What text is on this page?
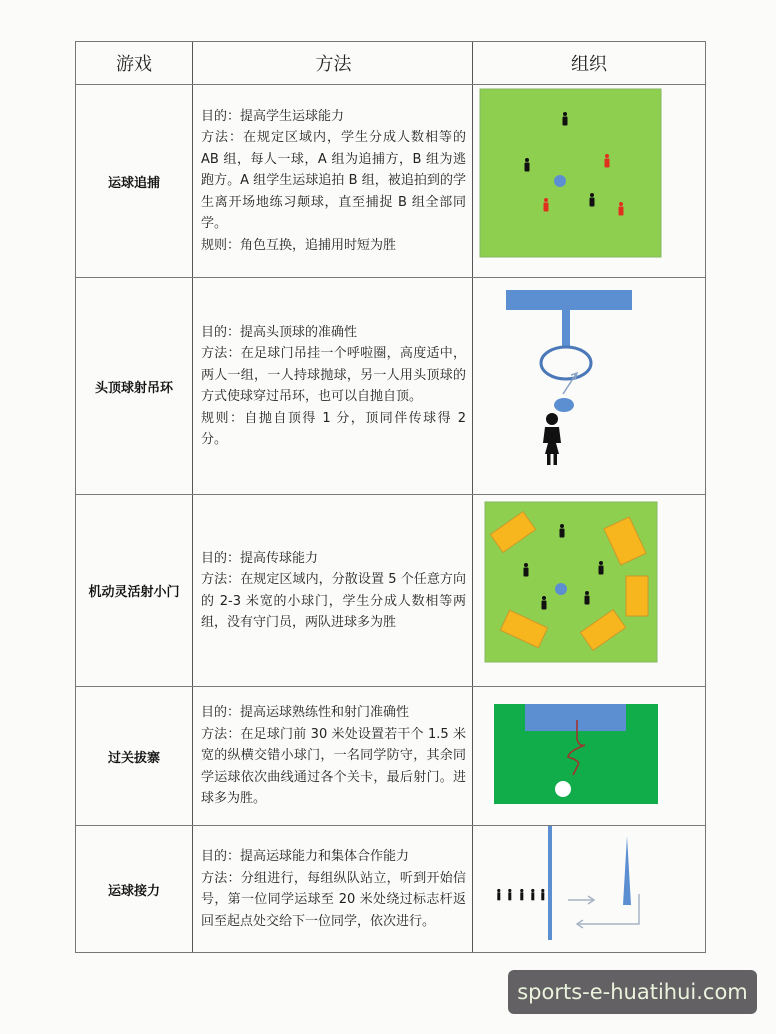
游戏	方法	组织
运球追捕
目的：提高学生运球能力
方法：在规定区域内，学生分成人数相等的 AB 组，每人一球，A 组为追捕方，B 组为逃跑方。A 组学生运球追拍 B 组，被追拍到的学生离开场地练习颠球，直至捕捉 B 组全部同学。
规则：角色互换，追捕用时短为胜
头顶球射吊环
目的：提高头顶球的准确性
方法：在足球门吊挂一个呼啦圈，高度适中，两人一组，一人持球抛球，另一人用头顶球的方式使球穿过吊环，也可以自抛自顶。
规则：自抛自顶得 1 分，顶同伴传球得 2 分。
机动灵活射小门
目的：提高传球能力
方法：在规定区域内，分散设置 5 个任意方向的 2-3 米宽的小球门，学生分成人数相等两组，没有守门员，两队进球多为胜
过关拔寨
目的：提高运球熟练性和射门准确性
方法：在足球门前 30 米处设置若干个 1.5 米宽的纵横交错小球门，一名同学防守，其余同学运球依次曲线通过各个关卡，最后射门。进球多为胜。
运球接力
目的：提高运球能力和集体合作能力
方法：分组进行，每组纵队站立，听到开始信号，第一位同学运球至 20 米处绕过标志杆返回至起点处交给下一位同学，依次进行。
sports-e-huatihui.com
